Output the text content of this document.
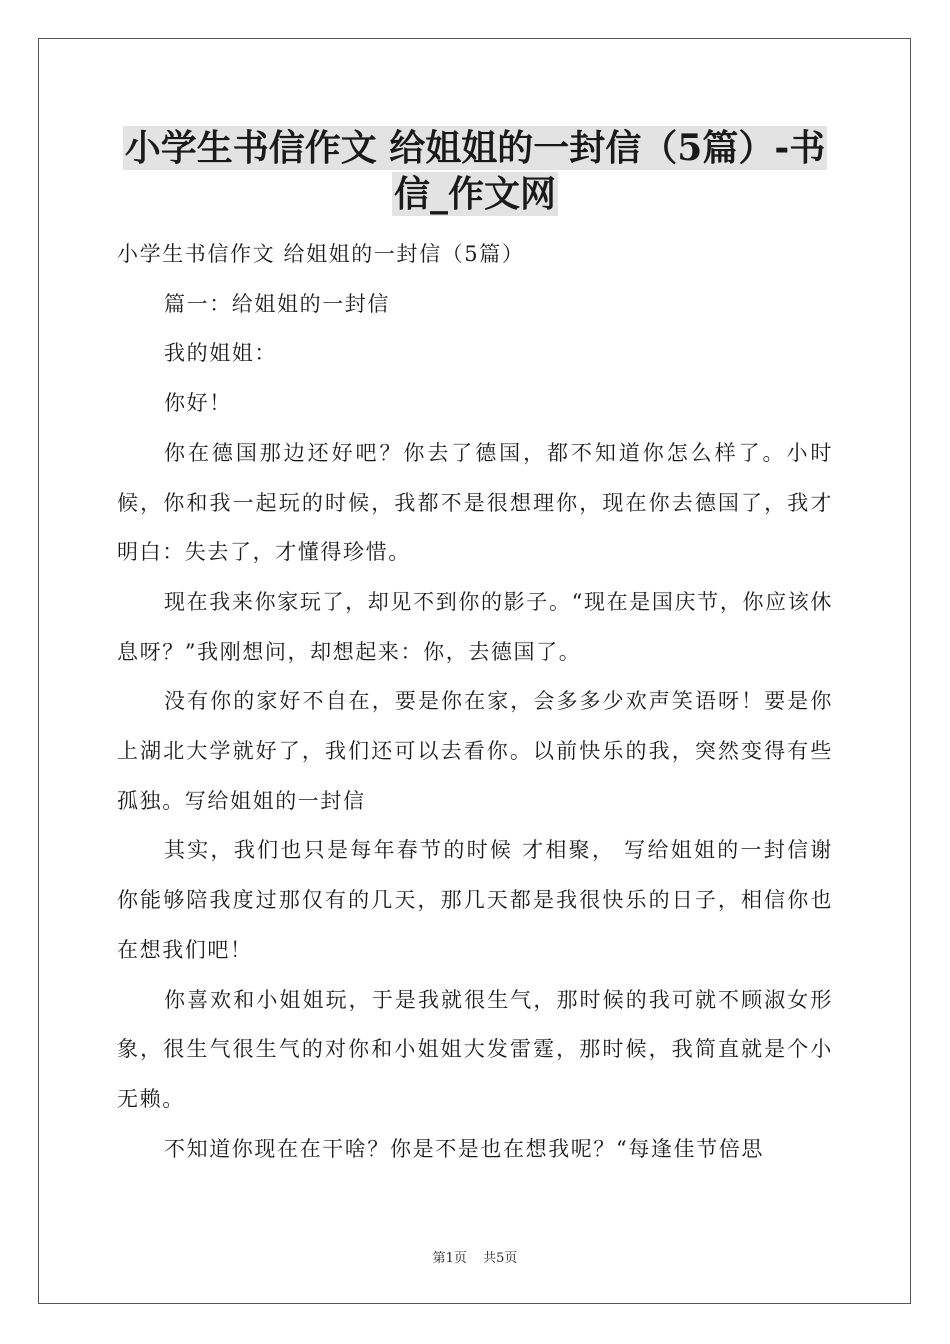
小学生书信作文 给姐姐的一封信（5篇）-书
信_作文网

小学生书信作文 给姐姐的一封信（5篇）

篇一：给姐姐的一封信

我的姐姐：

你好！

你在德国那边还好吧？你去了德国，都不知道你怎么样了。小时候，你和我一起玩的时候，我都不是很想理你，现在你去德国了，我才明白：失去了，才懂得珍惜。

现在我来你家玩了，却见不到你的影子。“现在是国庆节，你应该休息呀？”我刚想问，却想起来：你，去德国了。

没有你的家好不自在，要是你在家，会多多少欢声笑语呀！要是你上湖北大学就好了，我们还可以去看你。以前快乐的我，突然变得有些孤独。写给姐姐的一封信

其实，我们也只是每年春节的时候 才相聚， 写给姐姐的一封信谢你能够陪我度过那仅有的几天，那几天都是我很快乐的日子，相信你也在想我们吧！

你喜欢和小姐姐玩，于是我就很生气，那时候的我可就不顾淑女形象，很生气很生气的对你和小姐姐大发雷霆，那时候，我简直就是个小无赖。

不知道你现在在干啥？你是不是也在想我呢？“每逢佳节倍思

第1页 共5页
